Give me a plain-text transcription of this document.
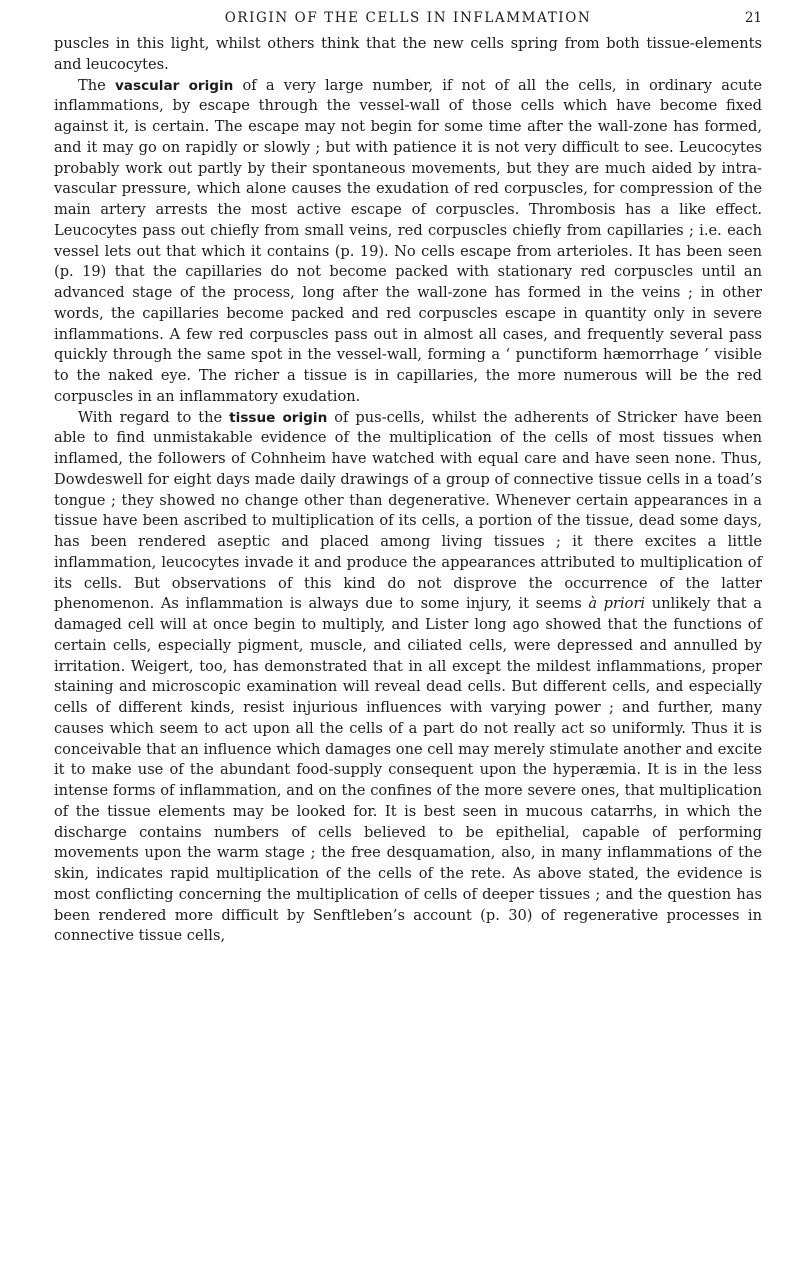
ORIGIN OF THE CELLS IN INFLAMMATION	21

puscles in this light, whilst others think that the new cells spring from both tissue-elements and leucocytes.

The vascular origin of a very large number, if not of all the cells, in ordinary acute inflammations, by escape through the vessel-wall of those cells which have become fixed against it, is certain. The escape may not begin for some time after the wall-zone has formed, and it may go on rapidly or slowly ; but with patience it is not very difficult to see. Leucocytes probably work out partly by their spontaneous movements, but they are much aided by intra-vascular pressure, which alone causes the exudation of red corpuscles, for compression of the main artery arrests the most active escape of corpuscles. Thrombosis has a like effect. Leucocytes pass out chiefly from small veins, red corpuscles chiefly from capillaries ; i.e. each vessel lets out that which it contains (p. 19). No cells escape from arterioles. It has been seen (p. 19) that the capillaries do not become packed with stationary red corpuscles until an advanced stage of the process, long after the wall-zone has formed in the veins ; in other words, the capillaries become packed and red corpuscles escape in quantity only in severe inflammations. A few red corpuscles pass out in almost all cases, and frequently several pass quickly through the same spot in the vessel-wall, forming a ‘ punctiform hæmorrhage ’ visible to the naked eye. The richer a tissue is in capillaries, the more numerous will be the red corpuscles in an inflammatory exudation.

With regard to the tissue origin of pus-cells, whilst the adherents of Stricker have been able to find unmistakable evidence of the multiplication of the cells of most tissues when inflamed, the followers of Cohnheim have watched with equal care and have seen none. Thus, Dowdeswell for eight days made daily drawings of a group of connective tissue cells in a toad’s tongue ; they showed no change other than degenerative. Whenever certain appearances in a tissue have been ascribed to multiplication of its cells, a portion of the tissue, dead some days, has been rendered aseptic and placed among living tissues ; it there excites a little inflammation, leucocytes invade it and produce the appearances attributed to multiplication of its cells. But observations of this kind do not disprove the occurrence of the latter phenomenon. As inflammation is always due to some injury, it seems à priori unlikely that a damaged cell will at once begin to multiply, and Lister long ago showed that the functions of certain cells, especially pigment, muscle, and ciliated cells, were depressed and annulled by irritation. Weigert, too, has demonstrated that in all except the mildest inflammations, proper staining and microscopic examination will reveal dead cells. But different cells, and especially cells of different kinds, resist injurious influences with varying power ; and further, many causes which seem to act upon all the cells of a part do not really act so uniformly. Thus it is conceivable that an influence which damages one cell may merely stimulate another and excite it to make use of the abundant food-supply consequent upon the hyperæmia. It is in the less intense forms of inflammation, and on the confines of the more severe ones, that multiplication of the tissue elements may be looked for. It is best seen in mucous catarrhs, in which the discharge contains numbers of cells believed to be epithelial, capable of performing movements upon the warm stage ; the free desquamation, also, in many inflammations of the skin, indicates rapid multiplication of the cells of the rete. As above stated, the evidence is most conflicting concerning the multiplication of cells of deeper tissues ; and the question has been rendered more difficult by Senftleben’s account (p. 30) of regenerative processes in connective tissue cells,
